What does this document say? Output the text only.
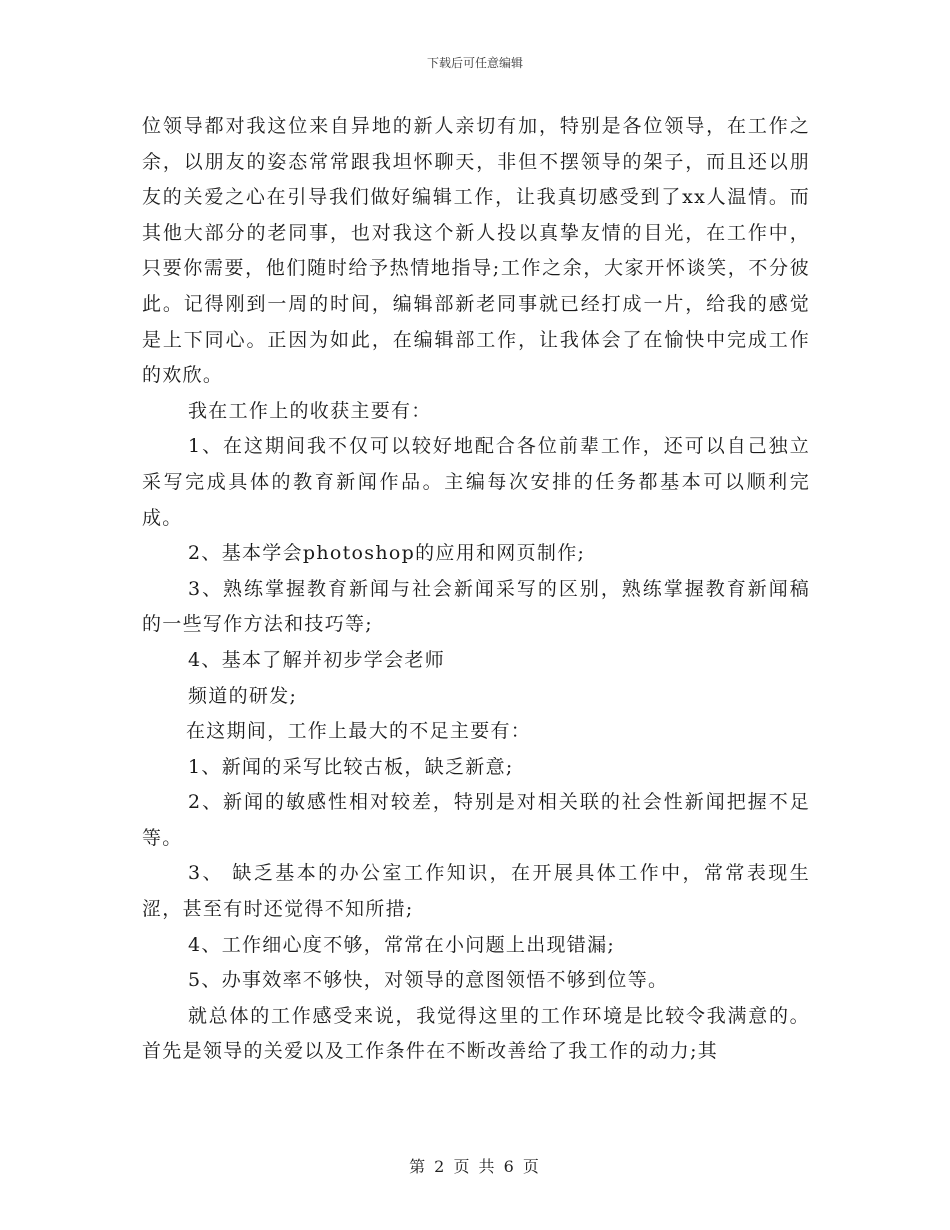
下载后可任意编辑

位领导都对我这位来自异地的新人亲切有加，特别是各位领导，在工作之余，以朋友的姿态常常跟我坦怀聊天，非但不摆领导的架子，而且还以朋友的关爱之心在引导我们做好编辑工作，让我真切感受到了xx人温情。而其他大部分的老同事，也对我这个新人投以真挚友情的目光，在工作中，只要你需要，他们随时给予热情地指导;工作之余，大家开怀谈笑，不分彼此。记得刚到一周的时间，编辑部新老同事就已经打成一片，给我的感觉是上下同心。正因为如此，在编辑部工作，让我体会了在愉快中完成工作的欢欣。

我在工作上的收获主要有：

1、在这期间我不仅可以较好地配合各位前辈工作，还可以自己独立采写完成具体的教育新闻作品。主编每次安排的任务都基本可以顺利完成。

2、基本学会photoshop的应用和网页制作;

3、熟练掌握教育新闻与社会新闻采写的区别，熟练掌握教育新闻稿的一些写作方法和技巧等;

4、基本了解并初步学会老师

频道的研发;

在这期间，工作上最大的不足主要有：

1、新闻的采写比较古板，缺乏新意;

2、新闻的敏感性相对较差，特别是对相关联的社会性新闻把握不足等。

3、 缺乏基本的办公室工作知识，在开展具体工作中，常常表现生涩，甚至有时还觉得不知所措;

4、工作细心度不够，常常在小问题上出现错漏;

5、办事效率不够快，对领导的意图领悟不够到位等。

就总体的工作感受来说，我觉得这里的工作环境是比较令我满意的。首先是领导的关爱以及工作条件在不断改善给了我工作的动力;其

第 2 页 共 6 页
